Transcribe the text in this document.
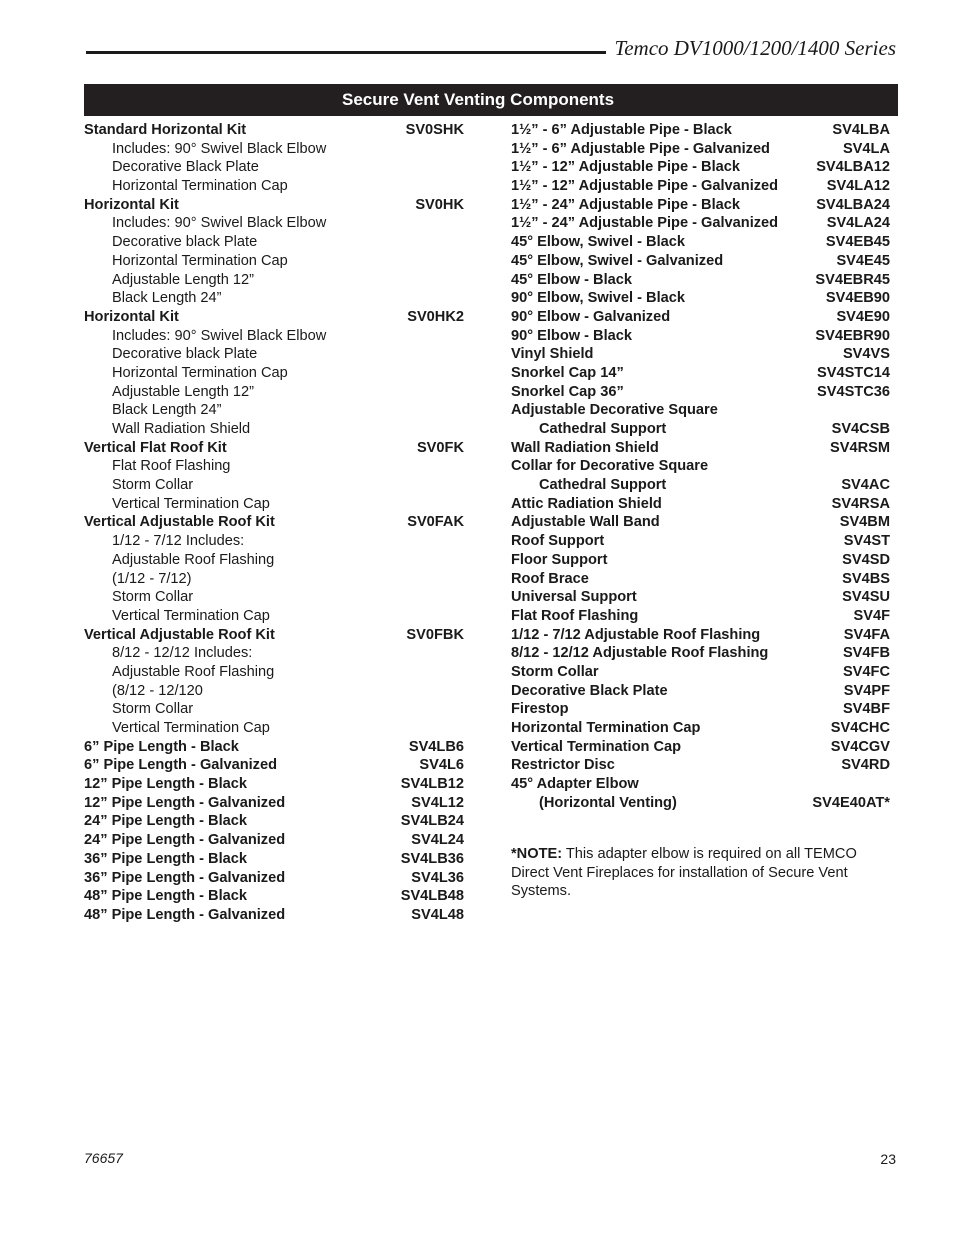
Temco DV1000/1200/1400 Series
Secure Vent Venting Components
Standard Horizontal Kit	SV0SHK
Includes: 90° Swivel Black Elbow
Decorative Black Plate
Horizontal Termination Cap
Horizontal Kit	SV0HK
Includes: 90° Swivel Black Elbow
Decorative black Plate
Horizontal Termination Cap
Adjustable Length 12”
Black Length 24”
Horizontal Kit	SV0HK2
Includes: 90° Swivel Black Elbow
Decorative black Plate
Horizontal Termination Cap
Adjustable Length 12”
Black Length 24”
Wall Radiation Shield
Vertical Flat Roof Kit	SV0FK
Flat Roof Flashing
Storm Collar
Vertical Termination Cap
Vertical Adjustable Roof Kit	SV0FAK
1/12 - 7/12 Includes:
Adjustable Roof Flashing
(1/12 - 7/12)
Storm Collar
Vertical Termination Cap
Vertical Adjustable Roof Kit	SV0FBK
8/12 - 12/12 Includes:
Adjustable Roof Flashing
(8/12 - 12/120
Storm Collar
Vertical Termination Cap
6” Pipe Length - Black	SV4LB6
6” Pipe Length - Galvanized	SV4L6
12” Pipe Length - Black	SV4LB12
12” Pipe Length - Galvanized	SV4L12
24” Pipe Length - Black	SV4LB24
24” Pipe Length - Galvanized	SV4L24
36” Pipe Length - Black	SV4LB36
36” Pipe Length - Galvanized	SV4L36
48” Pipe Length - Black	SV4LB48
48” Pipe Length - Galvanized	SV4L48
1½” - 6” Adjustable Pipe - Black	SV4LBA
1½” - 6” Adjustable Pipe - Galvanized	SV4LA
1½” - 12” Adjustable Pipe - Black	SV4LBA12
1½” - 12” Adjustable Pipe - Galvanized	SV4LA12
1½” - 24” Adjustable Pipe - Black	SV4LBA24
1½” - 24” Adjustable Pipe - Galvanized	SV4LA24
45° Elbow, Swivel - Black	SV4EB45
45° Elbow, Swivel - Galvanized	SV4E45
45° Elbow - Black	SV4EBR45
90° Elbow, Swivel - Black	SV4EB90
90° Elbow - Galvanized	SV4E90
90° Elbow - Black	SV4EBR90
Vinyl Shield	SV4VS
Snorkel Cap 14”	SV4STC14
Snorkel Cap 36”	SV4STC36
Adjustable Decorative Square
Cathedral Support	SV4CSB
Wall Radiation Shield	SV4RSM
Collar for Decorative Square
Cathedral Support	SV4AC
Attic Radiation Shield	SV4RSA
Adjustable Wall Band	SV4BM
Roof Support	SV4ST
Floor Support	SV4SD
Roof Brace	SV4BS
Universal Support	SV4SU
Flat Roof Flashing	SV4F
1/12 - 7/12 Adjustable Roof Flashing	SV4FA
8/12 - 12/12 Adjustable Roof Flashing	SV4FB
Storm Collar	SV4FC
Decorative Black Plate	SV4PF
Firestop	SV4BF
Horizontal Termination Cap	SV4CHC
Vertical Termination Cap	SV4CGV
Restrictor Disc	SV4RD
45° Adapter Elbow
(Horizontal Venting)	SV4E40AT*
*NOTE: This adapter elbow is required on all TEMCO Direct Vent Fireplaces for installation of Secure Vent Systems.
76657	23
